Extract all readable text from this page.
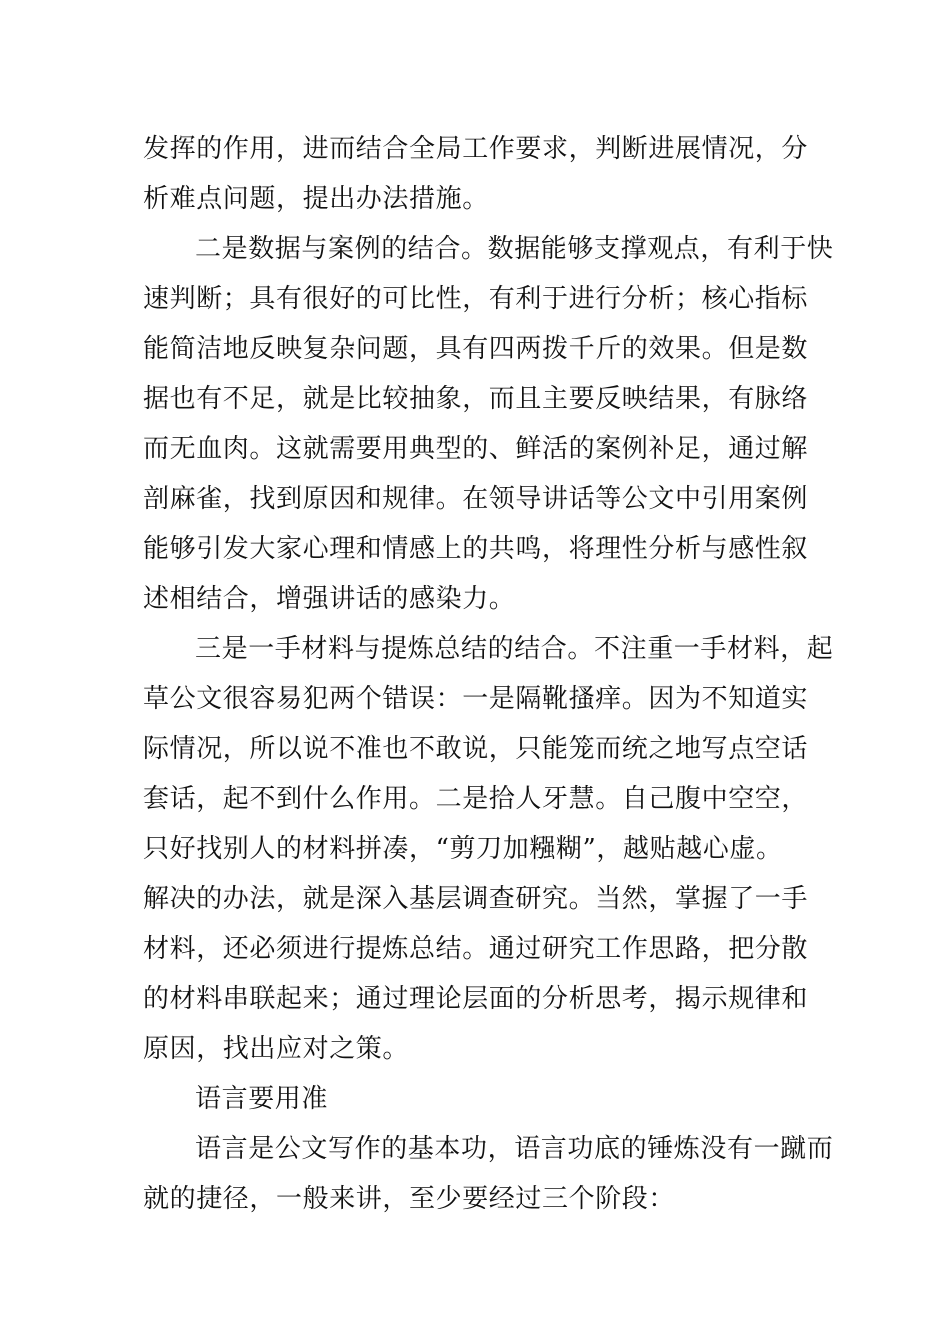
发挥的作用，进而结合全局工作要求，判断进展情况，分
析难点问题，提出办法措施。
二是数据与案例的结合。数据能够支撑观点，有利于快
速判断；具有很好的可比性，有利于进行分析；核心指标
能简洁地反映复杂问题，具有四两拨千斤的效果。但是数
据也有不足，就是比较抽象，而且主要反映结果，有脉络
而无血肉。这就需要用典型的、鲜活的案例补足，通过解
剖麻雀，找到原因和规律。在领导讲话等公文中引用案例
能够引发大家心理和情感上的共鸣，将理性分析与感性叙
述相结合，增强讲话的感染力。
三是一手材料与提炼总结的结合。不注重一手材料，起
草公文很容易犯两个错误：一是隔靴搔痒。因为不知道实
际情况，所以说不准也不敢说，只能笼而统之地写点空话
套话，起不到什么作用。二是拾人牙慧。自己腹中空空，
只好找别人的材料拼凑，“剪刀加糨糊”，越贴越心虚。
解决的办法，就是深入基层调查研究。当然，掌握了一手
材料，还必须进行提炼总结。通过研究工作思路，把分散
的材料串联起来；通过理论层面的分析思考，揭示规律和
原因，找出应对之策。
语言要用准
语言是公文写作的基本功，语言功底的锤炼没有一蹴而
就的捷径，一般来讲，至少要经过三个阶段：
